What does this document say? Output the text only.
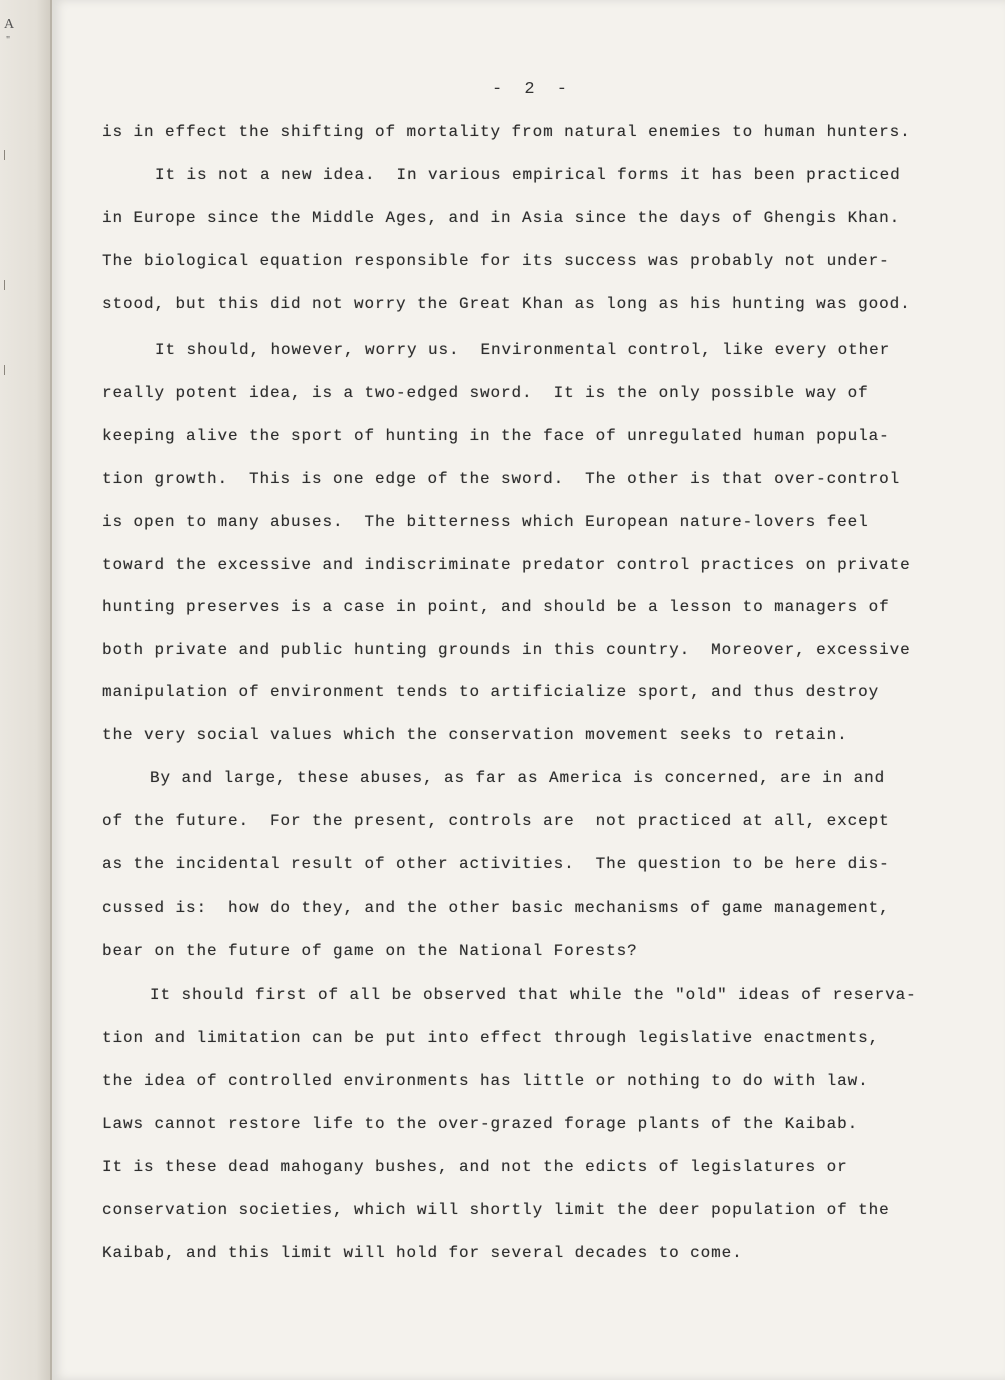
A
"
- 2 -
is in effect the shifting of mortality from natural enemies to human hunters.
It is not a new idea.  In various empirical forms it has been practiced
in Europe since the Middle Ages, and in Asia since the days of Ghengis Khan.
The biological equation responsible for its success was probably not under-
stood, but this did not worry the Great Khan as long as his hunting was good.
It should, however, worry us.  Environmental control, like every other
really potent idea, is a two-edged sword.  It is the only possible way of
keeping alive the sport of hunting in the face of unregulated human popula-
tion growth.  This is one edge of the sword.  The other is that over-control
is open to many abuses.  The bitterness which European nature-lovers feel
toward the excessive and indiscriminate predator control practices on private
hunting preserves is a case in point, and should be a lesson to managers of
both private and public hunting grounds in this country.  Moreover, excessive
manipulation of environment tends to artificialize sport, and thus destroy
the very social values which the conservation movement seeks to retain.
By and large, these abuses, as far as America is concerned, are in and
of the future.  For the present, controls are  not practiced at all, except
as the incidental result of other activities.  The question to be here dis-
cussed is:  how do they, and the other basic mechanisms of game management,
bear on the future of game on the National Forests?
It should first of all be observed that while the "old" ideas of reserva-
tion and limitation can be put into effect through legislative enactments,
the idea of controlled environments has little or nothing to do with law.
Laws cannot restore life to the over-grazed forage plants of the Kaibab.
It is these dead mahogany bushes, and not the edicts of legislatures or
conservation societies, which will shortly limit the deer population of the
Kaibab, and this limit will hold for several decades to come.
